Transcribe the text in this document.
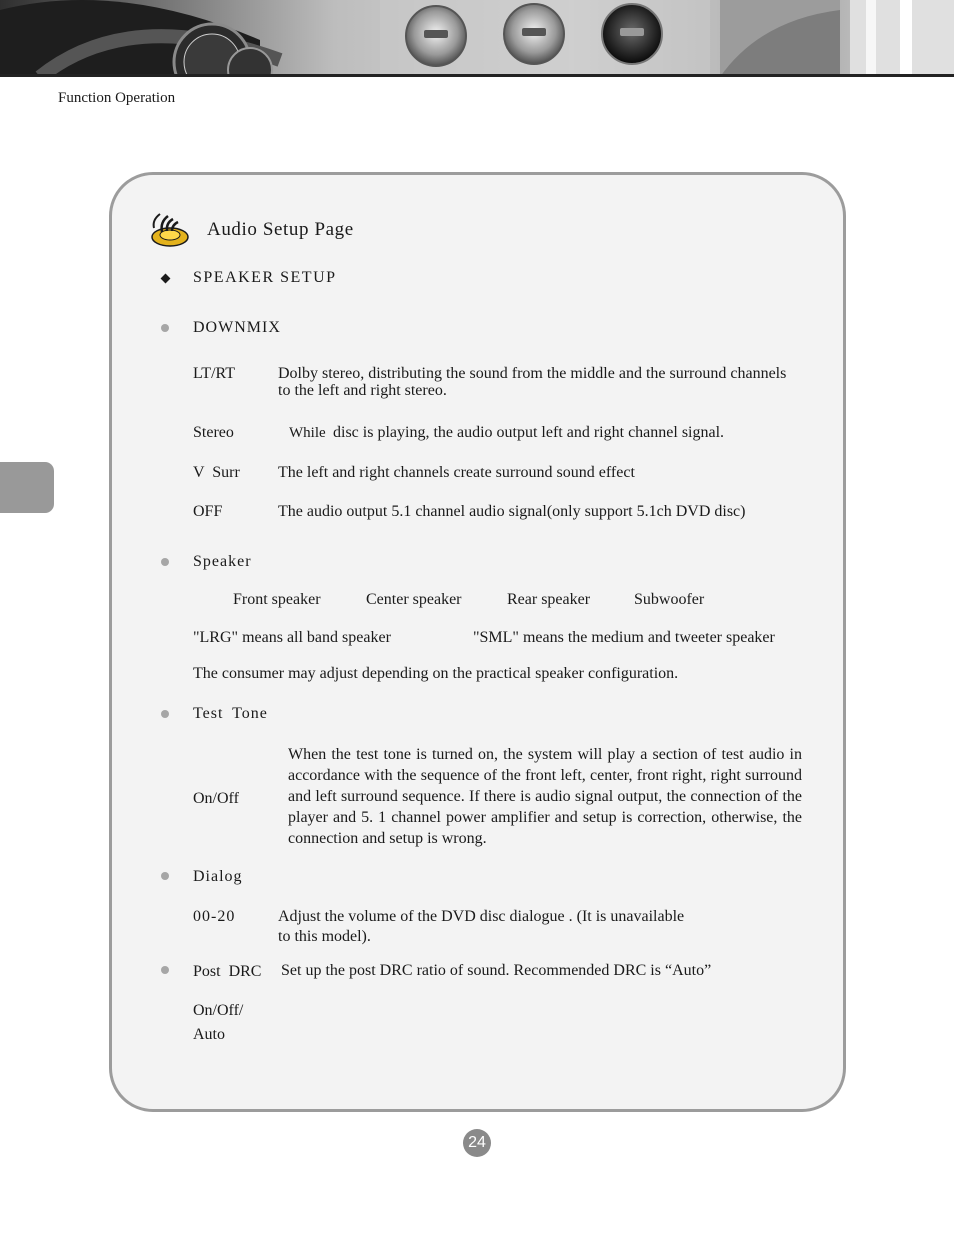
Function Operation
Audio Setup Page
SPEAKER SETUP
DOWNMIX
LT/RT	Dolby stereo, distributing the sound from the middle and the surround channels
to the left and right stereo.
Stereo	While disc is playing, the audio output left and right channel signal.
V Surr The left and right channels create surround sound effect
OFF	The audio output 5.1 channel audio signal(only support 5.1ch DVD disc)
Speaker
Front speaker	Center speaker	Rear speaker	Subwoofer
"LRG" means all band speaker	"SML" means the medium and tweeter speaker
The consumer may adjust depending on the practical speaker configuration.
Test Tone
On/Off
When the test tone is turned on, the system will play a section of test audio in accordance with the sequence of the front left, center, front right, right surround and left surround sequence. If there is audio signal output, the connection of the player and 5. 1 channel power amplifier and setup is correction, otherwise, the connection and setup is wrong.
Dialog
00-20	Adjust the volume of the DVD disc dialogue . (It is unavailable
to this model).
Post  DRC Set up the post DRC ratio of sound. Recommended DRC is “Auto”
On/Off/
Auto
24
